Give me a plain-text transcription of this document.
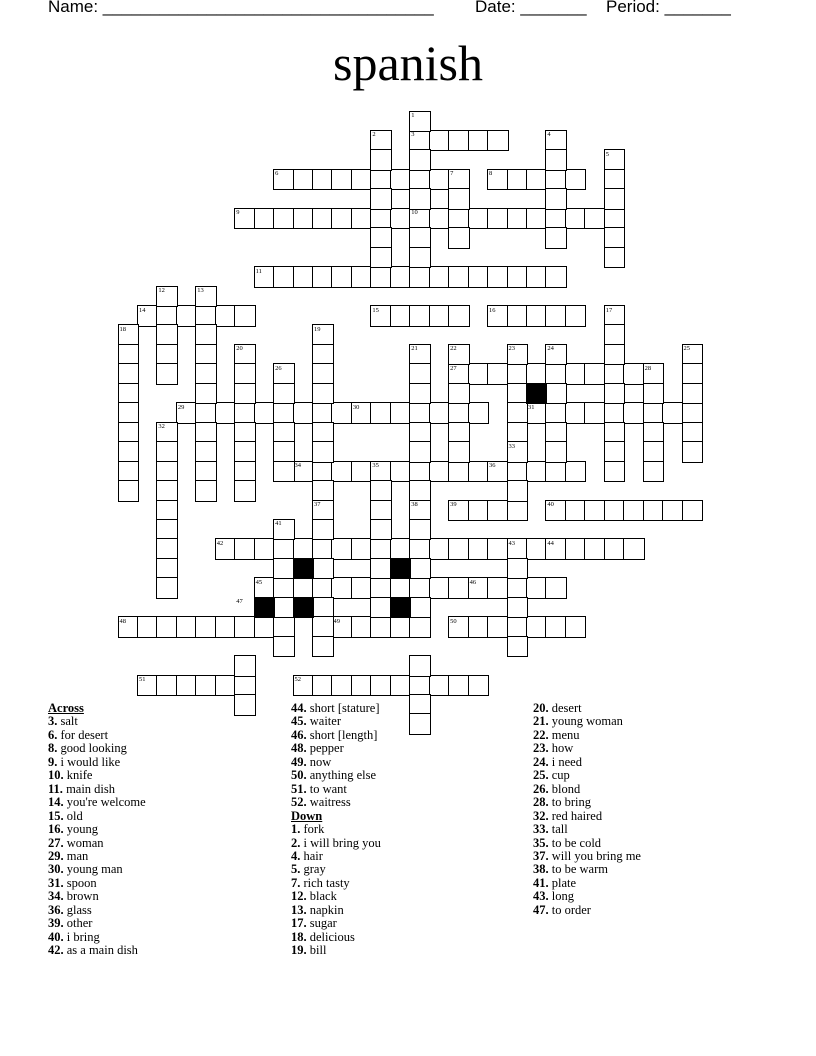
Name: ___________________________________ Date: _______ Period: _______
spanish
1
2	3	4
5
6	7	8
9	10
11
12	13
14	15	16	17
18	19
20	21	22	23	24	25
26	27	28
29	30	31
32
33
34	35	36
37	38	39	40
41
42	43	44
45	46
47
48	49	50
51	52
Across
3. salt
6. for desert
8. good looking
9. i would like
10. knife
11. main dish
14. you're welcome
15. old
16. young
27. woman
29. man
30. young man
31. spoon
34. brown
36. glass
39. other
40. i bring
42. as a main dish
44. short [stature]
45. waiter
46. short [length]
48. pepper
49. now
50. anything else
51. to want
52. waitress
Down
1. fork
2. i will bring you
4. hair
5. gray
7. rich tasty
12. black
13. napkin
17. sugar
18. delicious
19. bill
20. desert
21. young woman
22. menu
23. how
24. i need
25. cup
26. blond
28. to bring
32. red haired
33. tall
35. to be cold
37. will you bring me
38. to be warm
41. plate
43. long
47. to order
